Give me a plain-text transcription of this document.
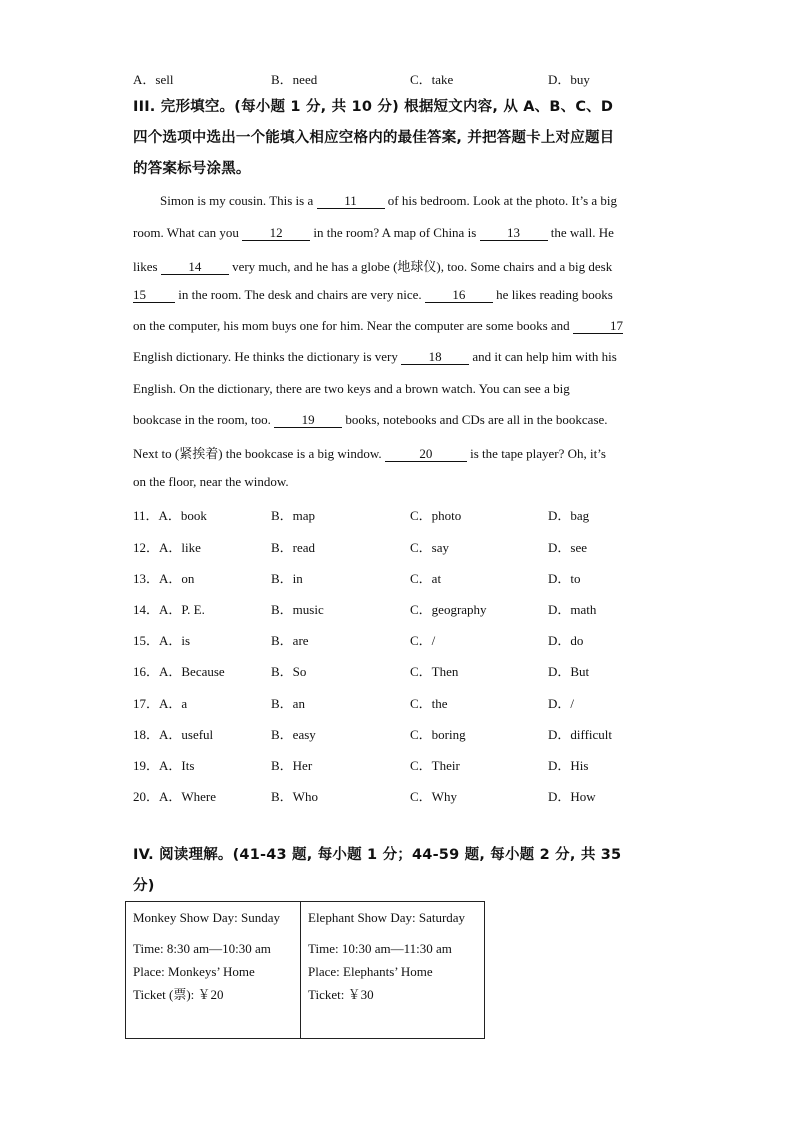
A．sell	B．need	C．take	D．buy
III. 完形填空。(每小题 1 分, 共 10 分) 根据短文内容, 从 A、B、C、D
四个选项中选出一个能填入相应空格内的最佳答案, 并把答题卡上对应题目
的答案标号涂黑。
Simon is my cousin. This is a 11 of his bedroom. Look at the photo. It’s a big
room. What can you 12 in the room? A map of China is 13 the wall. He
likes 14 very much, and he has a globe (地球仪), too. Some chairs and a big desk
15 in the room. The desk and chairs are very nice. 16 he likes reading books
on the computer, his mom buys one for him. Near the computer are some books and	17
English dictionary. He thinks the dictionary is very 18 and it can help him with his
English. On the dictionary, there are two keys and a brown watch. You can see a big
bookcase in the room, too. 19 books, notebooks and CDs are all in the bookcase.
Next to (紧挨着) the bookcase is a big window.	20	is the tape player? Oh, it’s
on the floor, near the window.
11．A．book	B．map	C．photo	D．bag
12．A．like	B．read	C．say	D．see
13．A．on	B．in	C．at	D．to
14．A．P. E.	B．music	C．geography	D．math
15．A．is	B．are	C．/	D．do
16．A．Because	B．So	C．Then	D．But
17．A．a	B．an	C．the	D．/
18．A．useful	B．easy	C．boring	D．difficult
19．A．Its	B．Her	C．Their	D．His
20．A．Where	B．Who	C．Why	D．How
IV. 阅读理解。(41-43 题, 每小题 1 分；44-59 题, 每小题 2 分, 共 35
分)
Monkey Show Day: Sunday
Time: 8:30 am—10:30 am
Place: Monkeys’ Home
Ticket (票): ￥20

Elephant Show Day: Saturday
Time: 10:30 am—11:30 am
Place: Elephants’ Home
Ticket: ￥30
